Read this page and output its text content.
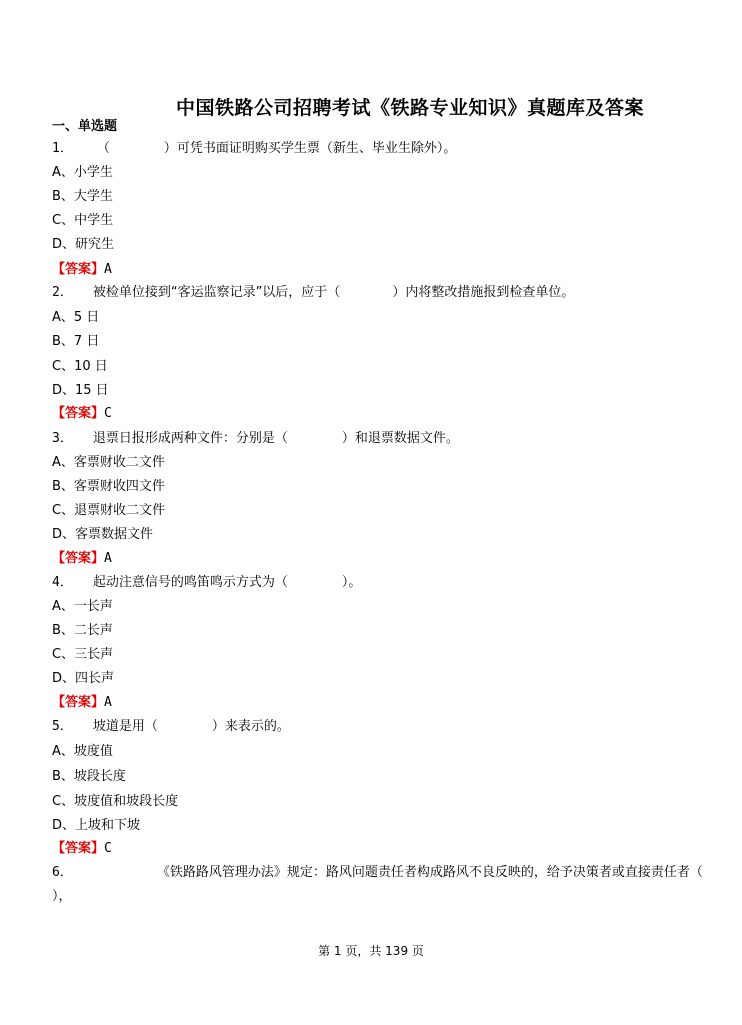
中国铁路公司招聘考试《铁路专业知识》真题库及答案
一、单选题
1． （	）可凭书面证明购买学生票（新生、毕业生除外）。
A、小学生
B、大学生
C、中学生
D、研究生
【答案】A
2． 被检单位接到“客运监察记录”以后，应于（	）内将整改措施报到检查单位。
A、5 日
B、7 日
C、10 日
D、15 日
【答案】C
3． 退票日报形成两种文件：分别是（	）和退票数据文件。
A、客票财收二文件
B、客票财收四文件
C、退票财收二文件
D、客票数据文件
【答案】A
4． 起动注意信号的鸣笛鸣示方式为（	）。
A、一长声
B、二长声
C、三长声
D、四长声
【答案】A
5． 坡道是用（	）来表示的。
A、坡度值
B、坡段长度
C、坡度值和坡段长度
D、上坡和下坡
【答案】C
6．	《铁路路风管理办法》规定：路风问题责任者构成路风不良反映的，给予决策者或直接责任者（
），
第 1 页，共 139 页
